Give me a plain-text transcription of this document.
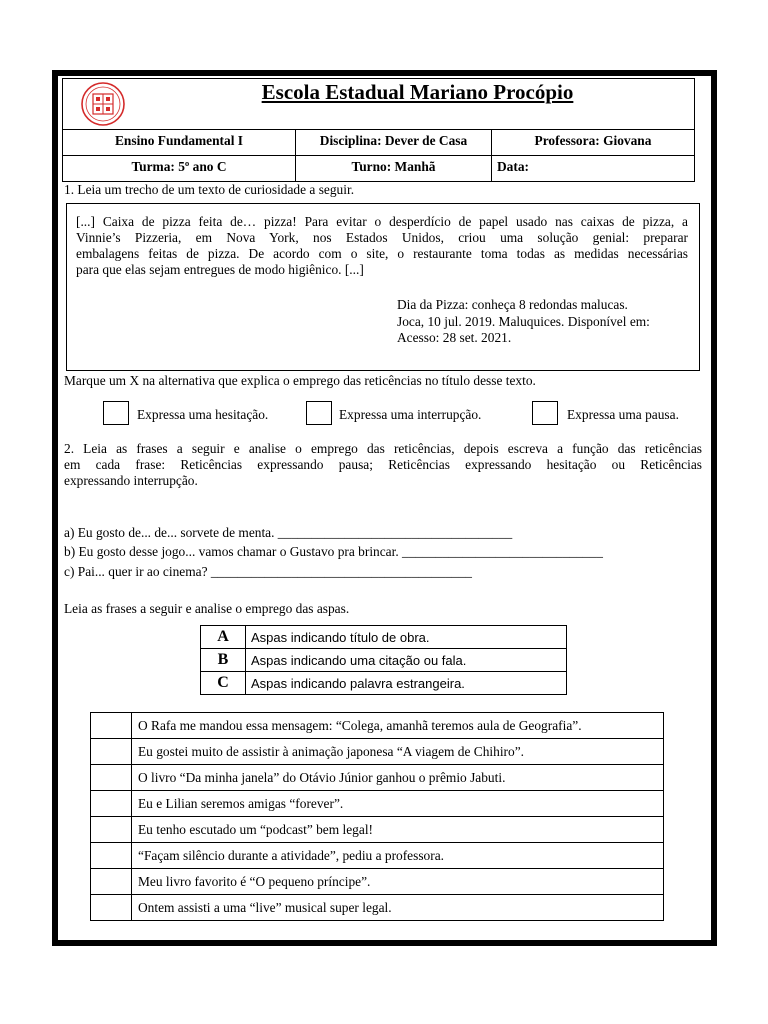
Escola Estadual Mariano Procópio
Ensino Fundamental I	Disciplina: Dever de Casa	Professora: Giovana
Turma: 5º ano C	Turno: Manhã	Data:
1. Leia um trecho de um texto de curiosidade a seguir.
[...] Caixa de pizza feita de… pizza! Para evitar o desperdício de papel usado nas caixas de pizza, a
Vinnie’s Pizzeria, em Nova York, nos Estados Unidos, criou uma solução genial: preparar
embalagens feitas de pizza. De acordo com o site, o restaurante toma todas as medidas necessárias
para que elas sejam entregues de modo higiênico. [...]
Dia da Pizza: conheça 8 redondas malucas.
Joca, 10 jul. 2019. Maluquices. Disponível em:
Acesso: 28 set. 2021.
Marque um X na alternativa que explica o emprego das reticências no título desse texto.
Expressa uma hesitação.	Expressa uma interrupção.	Expressa uma pausa.
2. Leia as frases a seguir e analise o emprego das reticências, depois escreva a função das reticências
em cada frase: Reticências expressando pausa; Reticências expressando hesitação ou Reticências
expressando interrupção.
a) Eu gosto de... de... sorvete de menta. ___________________________________
b) Eu gosto desse jogo... vamos chamar o Gustavo pra brincar. ______________________________
c) Pai... quer ir ao cinema? _______________________________________
Leia as frases a seguir e analise o emprego das aspas.
A	Aspas indicando título de obra.
B	Aspas indicando uma citação ou fala.
C	Aspas indicando palavra estrangeira.
	O Rafa me mandou essa mensagem: “Colega, amanhã teremos aula de Geografia”.
	Eu gostei muito de assistir à animação japonesa “A viagem de Chihiro”.
	O livro “Da minha janela” do Otávio Júnior ganhou o prêmio Jabuti.
	Eu e Lilian seremos amigas “forever”.
	Eu tenho escutado um “podcast” bem legal!
	“Façam silêncio durante a atividade”, pediu a professora.
	Meu livro favorito é “O pequeno príncipe”.
	Ontem assisti a uma “live” musical super legal.
